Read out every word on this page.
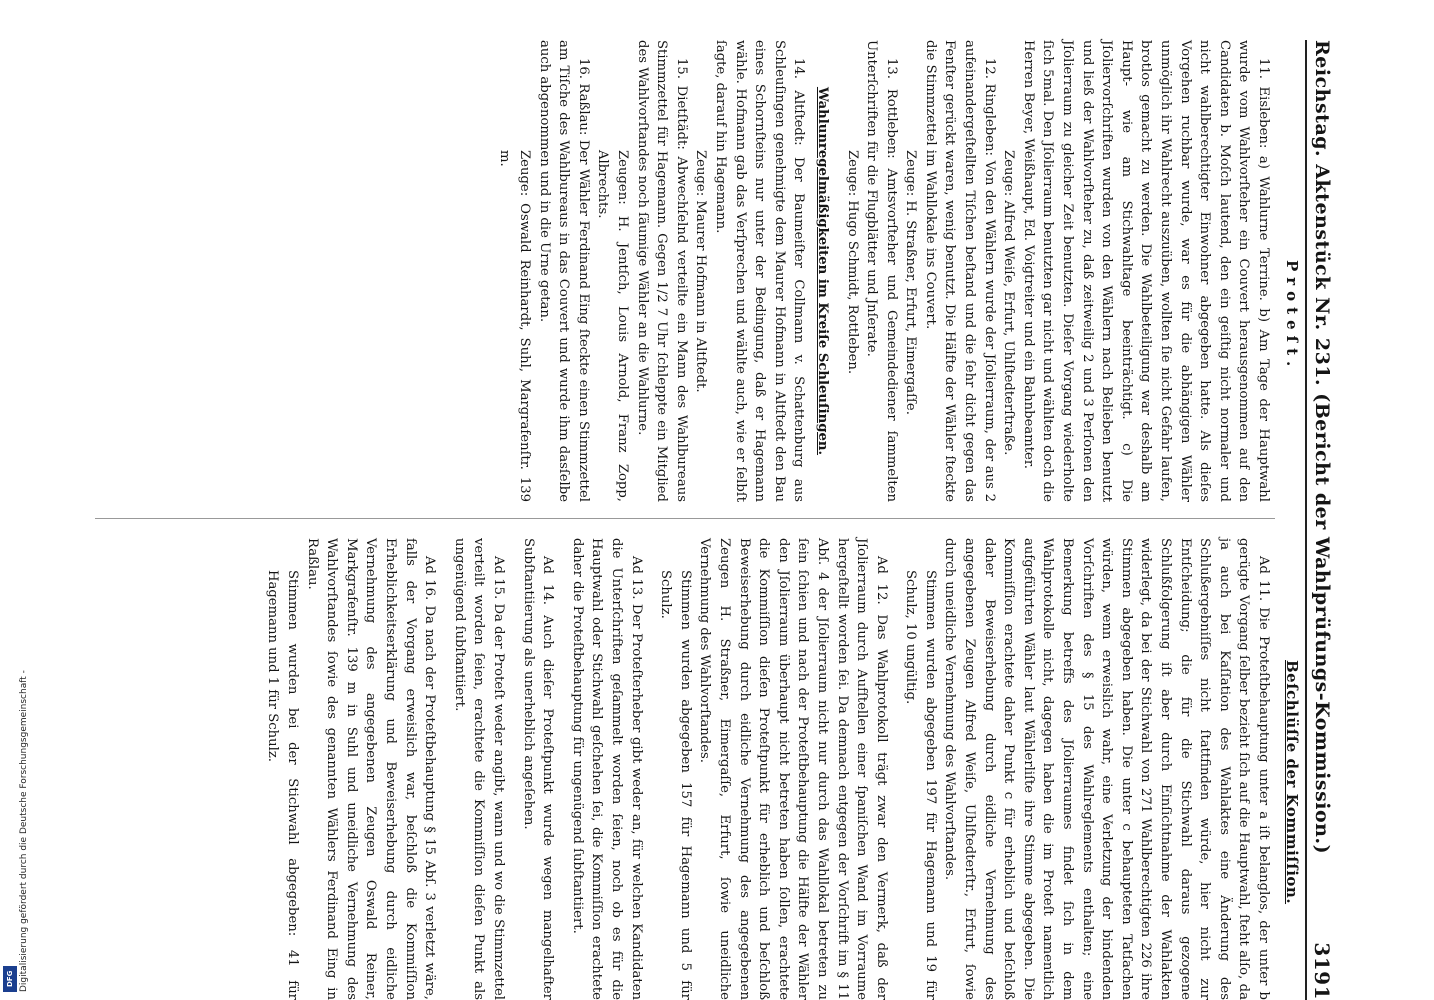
Digitalisierung gefördert durch die Deutsche Forschungsgemeinschaft -
DFG
Reichstag. Aktenstück Nr. 231. (Bericht der Wahlprüfungs-Kommission.)
3191
Proteſt.
Beſchlüſſe der Kommiſſion.

11. Eisleben: a) Wahlurne Terrine. b) Am Tage der Hauptwahl wurde vom Wahlvorſteher ein Couvert herausgenommen auf den Candidaten b. Moſch lautend, den ein geiſtig nicht normaler und nicht wahlberechtigter Einwohner abgegeben hatte. Als dieſes Vorgehen ruchbar wurde, war es für die abhängigen Wähler unmöglich ihr Wahlrecht auszuüben, wollten ſie nicht Gefahr laufen, brotlos gemacht zu werden. Die Wahlbeteiligung war deshalb am Haupt- wie am Stichwahltage beeinträchtigt. c) Die Jſoliervorſchriften wurden von den Wählern nach Belieben benutzt und ließ der Wahlvorſteher zu, daß zeitweilig 2 und 3 Perſonen den Jſolierraum zu gleicher Zeit benutzten. Dieſer Vorgang wiederholte ſich 5mal. Den Jſolierraum benutzten gar nicht und wählten doch die Herren Beyer, Weißhaupt, Ed. Voigtreiter und ein Bahnbeamter.

Zeuge: Alfred Weiſe, Erfurt, Uhlſtedterſtraße.

12. Ringleben: Von den Wählern wurde der Jſolierraum, der aus 2 aufeinandergeſtellten Tiſchen beſtand und die ſehr dicht gegen das Fenſter gerückt waren, wenig benutzt. Die Hälfte der Wähler ſteckte die Stimmzettel im Wahllokale ins Couvert.

Zeuge: H. Straßner, Erfurt, Eimergaſſe.

13. Rottleben: Amtsvorſteher und Gemeindediener ſammelten Unterſchriften für die Flugblätter und Jnſerate.

Zeuge: Hugo Schmidt, Rottleben.

Wahlunregelmäßigkeiten im Kreiſe Schleuſingen.

14. Altſtedt: Der Baumeiſter Collmann v. Schattenburg aus Schleuſingen genehmigte dem Maurer Hofmann in Altſtedt den Bau eines Schornſteins nur unter der Bedingung, daß er Hagemann wähle. Hofmann gab das Verſprechen und wählte auch, wie er ſelbſt ſagte, darauf hin Hagemann.

Zeuge: Maurer Hofmann in Altſtedt.

15. Dietſtädt: Abwechſelnd verteilte ein Mann des Wahlbureaus Stimmzettel für Hagemann. Gegen 1/2 7 Uhr ſchleppte ein Mitglied des Wahlvorſtandes noch ſäumige Wähler an die Wahlurne.

Zeugen: H. Jentſch, Louis Arnold, Franz Zopp, Albrechts.

16. Raßlau: Der Wähler Ferdinand Eing ſteckte einen Stimmzettel am Tiſche des Wahlbureaus in das Couvert und wurde ihm dasſelbe auch abgenommen und in die Urne getan.

Zeuge: Oswald Reinhardt, Suhl, Margrafenſtr. 139 m.

Ad 11. Die Proteſtbehauptung unter a iſt belanglos, der unter b gerügte Vorgang ſelber bezieht ſich auf die Hauptwahl, ſteht alſo, da ja auch bei Kaſſation des Wahlaktes eine Änderung des Schlußergebniſſes nicht ſtattfinden würde, hier nicht zur Entſcheidung; die für die Stichwahl daraus gezogene Schlußfolgerung iſt aber durch Einſichtnahme der Wahlakten widerlegt, da bei der Stichwahl von 271 Wahlberechtigten 226 ihre Stimmen abgegeben haben. Die unter c behaupteten Tatſachen würden, wenn erweislich wahr, eine Verletzung der bindenden Vorſchriften des § 15 des Wahlreglements enthalten; eine Bemerkung betreffs des Jſolierraumes findet ſich in dem Wahlprotokolle nicht, dagegen haben die im Proteſt namentlich aufgeführten Wähler laut Wählerliſte ihre Stimme abgegeben. Die Kommiſſion erachtete daher Punkt c für erheblich und beſchloß daher Beweiserhebung durch eidliche Vernehmung des angegebenen Zeugen Alfred Weiſe, Uhlſtedterſtr., Erfurt, ſowie durch uneidliche Vernehmung des Wahlvorſtandes.

Stimmen wurden abgegeben 197 für Hagemann und 19 für Schulz, 10 ungültig.

Ad 12. Das Wahlprotokoll trägt zwar den Vermerk, daß der Jſolierraum durch Aufſtellen einer ſpaniſchen Wand im Vorraume hergeſtellt worden ſei. Da demnach entgegen der Vorſchrift im § 11 Abſ. 4 der Jſolierraum nicht nur durch das Wahllokal betreten zu ſein ſchien und nach der Proteſtbehauptung die Hälfte der Wähler den Jſolierraum überhaupt nicht betreten haben ſollen, erachtete die Kommiſſion dieſen Proteſtpunkt für erheblich und beſchloß Beweiserhebung durch eidliche Vernehmung des angegebenen Zeugen H. Straßner, Eimergaſſe, Erfurt, ſowie uneidliche Vernehmung des Wahlvorſtandes.

Stimmen wurden abgegeben 157 für Hagemann und 5 für Schulz.

Ad 13. Der Proteſterheber gibt weder an, für welchen Kandidaten die Unterſchriften geſammelt worden ſeien, noch ob es für die Hauptwahl oder Stichwahl geſchehen ſei, die Kommiſſion erachtete daher die Proteſtbehauptung für ungenügend ſubſtantiiert.

Ad 14. Auch dieſer Proteſtpunkt wurde wegen mangelhafter Subſtantiierung als unerheblich angeſehen.

Ad 15. Da der Proteſt weder angibt, wann und wo die Stimmzettel verteilt worden ſeien, erachtete die Kommiſſion dieſen Punkt als ungenügend ſubſtantiiert.

Ad 16. Da nach der Proteſtbehauptung § 15 Abſ. 3 verletzt wäre, falls der Vorgang erweislich war, beſchloß die Kommiſſion Erheblichkeitserklärung und Beweiserhebung durch eidliche Vernehmung des angegebenen Zeugen Oswald Reiner, Markgrafenſtr. 139 m in Suhl und uneidliche Vernehmung des Wahlvorſtandes ſowie des genannten Wählers Ferdinand Eing in Raßlau.

Stimmen wurden bei der Stichwahl abgegeben: 41 für Hagemann und 1 für Schulz.
